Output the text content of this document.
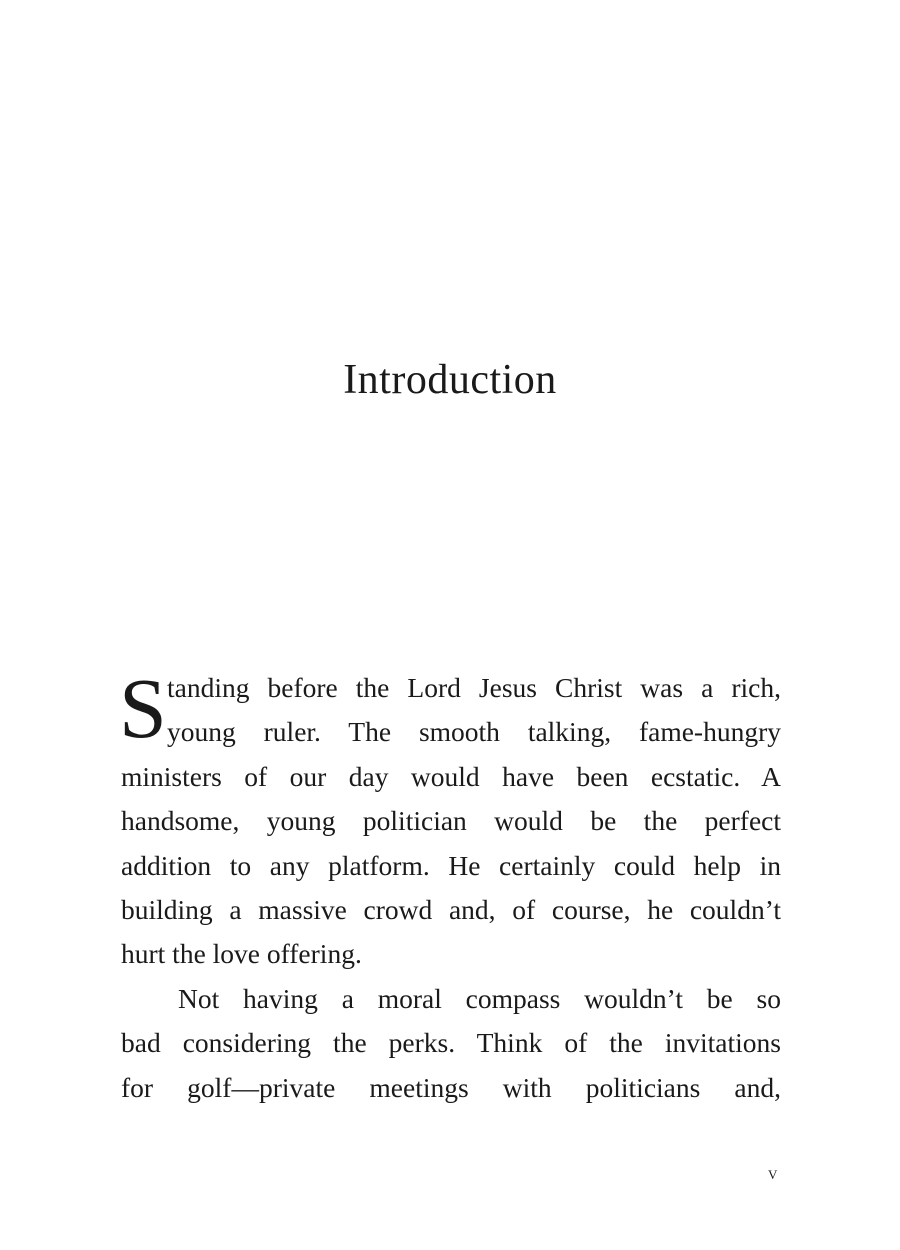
Introduction
S tanding before the Lord Jesus Christ was a rich,
young ruler. The smooth talking, fame-hungry
ministers of our day would have been ecstatic. A
handsome, young politician would be the perfect
addition to any platform. He certainly could help in
building a massive crowd and, of course, he couldn’t
hurt the love offering.
Not having a moral compass wouldn’t be so
bad considering the perks. Think of the invitations
for golf—private meetings with politicians and,
v
